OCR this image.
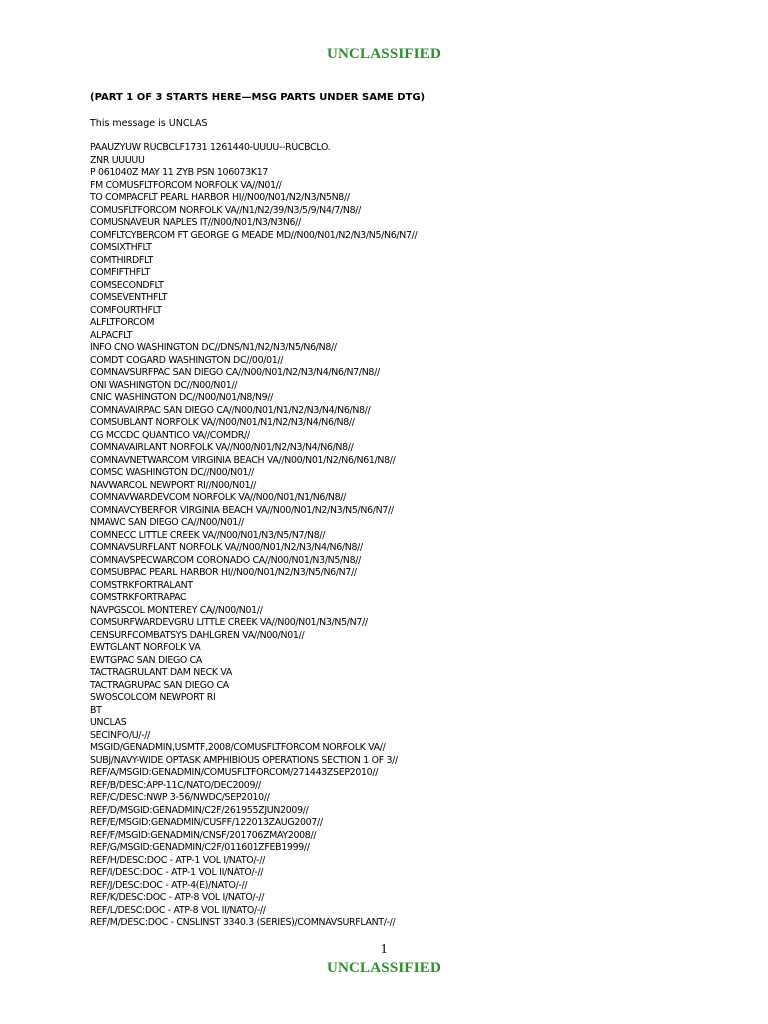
UNCLASSIFIED
(PART 1 OF 3 STARTS HERE—MSG PARTS UNDER SAME DTG)
This message is UNCLAS
PAAUZYUW RUCBCLF1731 1261440-UUUU--RUCBCLO.
ZNR UUUUU
P 061040Z MAY 11 ZYB PSN 106073K17
FM COMUSFLTFORCOM NORFOLK VA//N01//
TO COMPACFLT PEARL HARBOR HI//N00/N01/N2/N3/N5N8//
COMUSFLTFORCOM NORFOLK VA//N1/N2/39/N3/5/9/N4/7/N8//
COMUSNAVEUR NAPLES IT//N00/N01/N3/N3N6//
COMFLTCYBERCOM FT GEORGE G MEADE MD//N00/N01/N2/N3/N5/N6/N7//
COMSIXTHFLT
COMTHIRDFLT
COMFIFTHFLT
COMSECONDFLT
COMSEVENTHFLT
COMFOURTHFLT
ALFLTFORCOM
ALPACFLT
INFO CNO WASHINGTON DC//DNS/N1/N2/N3/N5/N6/N8//
COMDT COGARD WASHINGTON DC//00/01//
COMNAVSURFPAC SAN DIEGO CA//N00/N01/N2/N3/N4/N6/N7/N8//
ONI WASHINGTON DC//N00/N01//
CNIC WASHINGTON DC//N00/N01/N8/N9//
COMNAVAIRPAC SAN DIEGO CA//N00/N01/N1/N2/N3/N4/N6/N8//
COMSUBLANT NORFOLK VA//N00/N01/N1/N2/N3/N4/N6/N8//
CG MCCDC QUANTICO VA//COMDR//
COMNAVAIRLANT NORFOLK VA//N00/N01/N2/N3/N4/N6/N8//
COMNAVNETWARCOM VIRGINIA BEACH VA//N00/N01/N2/N6/N61/N8//
COMSC WASHINGTON DC//N00/N01//
NAVWARCOL NEWPORT RI//N00/N01//
COMNAVWARDEVCOM NORFOLK VA//N00/N01/N1/N6/N8//
COMNAVCYBERFOR VIRGINIA BEACH VA//N00/N01/N2/N3/N5/N6/N7//
NMAWC SAN DIEGO CA//N00/N01//
COMNECC LITTLE CREEK VA//N00/N01/N3/N5/N7/N8//
COMNAVSURFLANT NORFOLK VA//N00/N01/N2/N3/N4/N6/N8//
COMNAVSPECWARCOM CORONADO CA//N00/N01/N3/N5/N8//
COMSUBPAC PEARL HARBOR HI//N00/N01/N2/N3/N5/N6/N7//
COMSTRKFORTRALANT
COMSTRKFORTRAPAC
NAVPGSCOL MONTEREY CA//N00/N01//
COMSURFWARDEVGRU LITTLE CREEK VA//N00/N01/N3/N5/N7//
CENSURFCOMBATSYS DAHLGREN VA//N00/N01//
EWTGLANT NORFOLK VA
EWTGPAC SAN DIEGO CA
TACTRAGRULANT DAM NECK VA
TACTRAGRUPAC SAN DIEGO CA
SWOSCOLCOM NEWPORT RI
BT
UNCLAS
SECINFO/U/-//
MSGID/GENADMIN,USMTF,2008/COMUSFLTFORCOM NORFOLK VA//
SUBJ/NAVY-WIDE OPTASK AMPHIBIOUS OPERATIONS SECTION 1 OF 3//
REF/A/MSGID:GENADMIN/COMUSFLTFORCOM/271443ZSEP2010//
REF/B/DESC:APP-11C/NATO/DEC2009//
REF/C/DESC:NWP 3-56/NWDC/SEP2010//
REF/D/MSGID:GENADMIN/C2F/261955ZJUN2009//
REF/E/MSGID:GENADMIN/CUSFF/122013ZAUG2007//
REF/F/MSGID:GENADMIN/CNSF/201706ZMAY2008//
REF/G/MSGID:GENADMIN/C2F/011601ZFEB1999//
REF/H/DESC:DOC - ATP-1 VOL I/NATO/-//
REF/I/DESC:DOC - ATP-1 VOL II/NATO/-//
REF/J/DESC:DOC - ATP-4(E)/NATO/-//
REF/K/DESC:DOC - ATP-8 VOL I/NATO/-//
REF/L/DESC:DOC - ATP-8 VOL II/NATO/-//
REF/M/DESC:DOC - CNSLINST 3340.3 (SERIES)/COMNAVSURFLANT/-//
1
UNCLASSIFIED
